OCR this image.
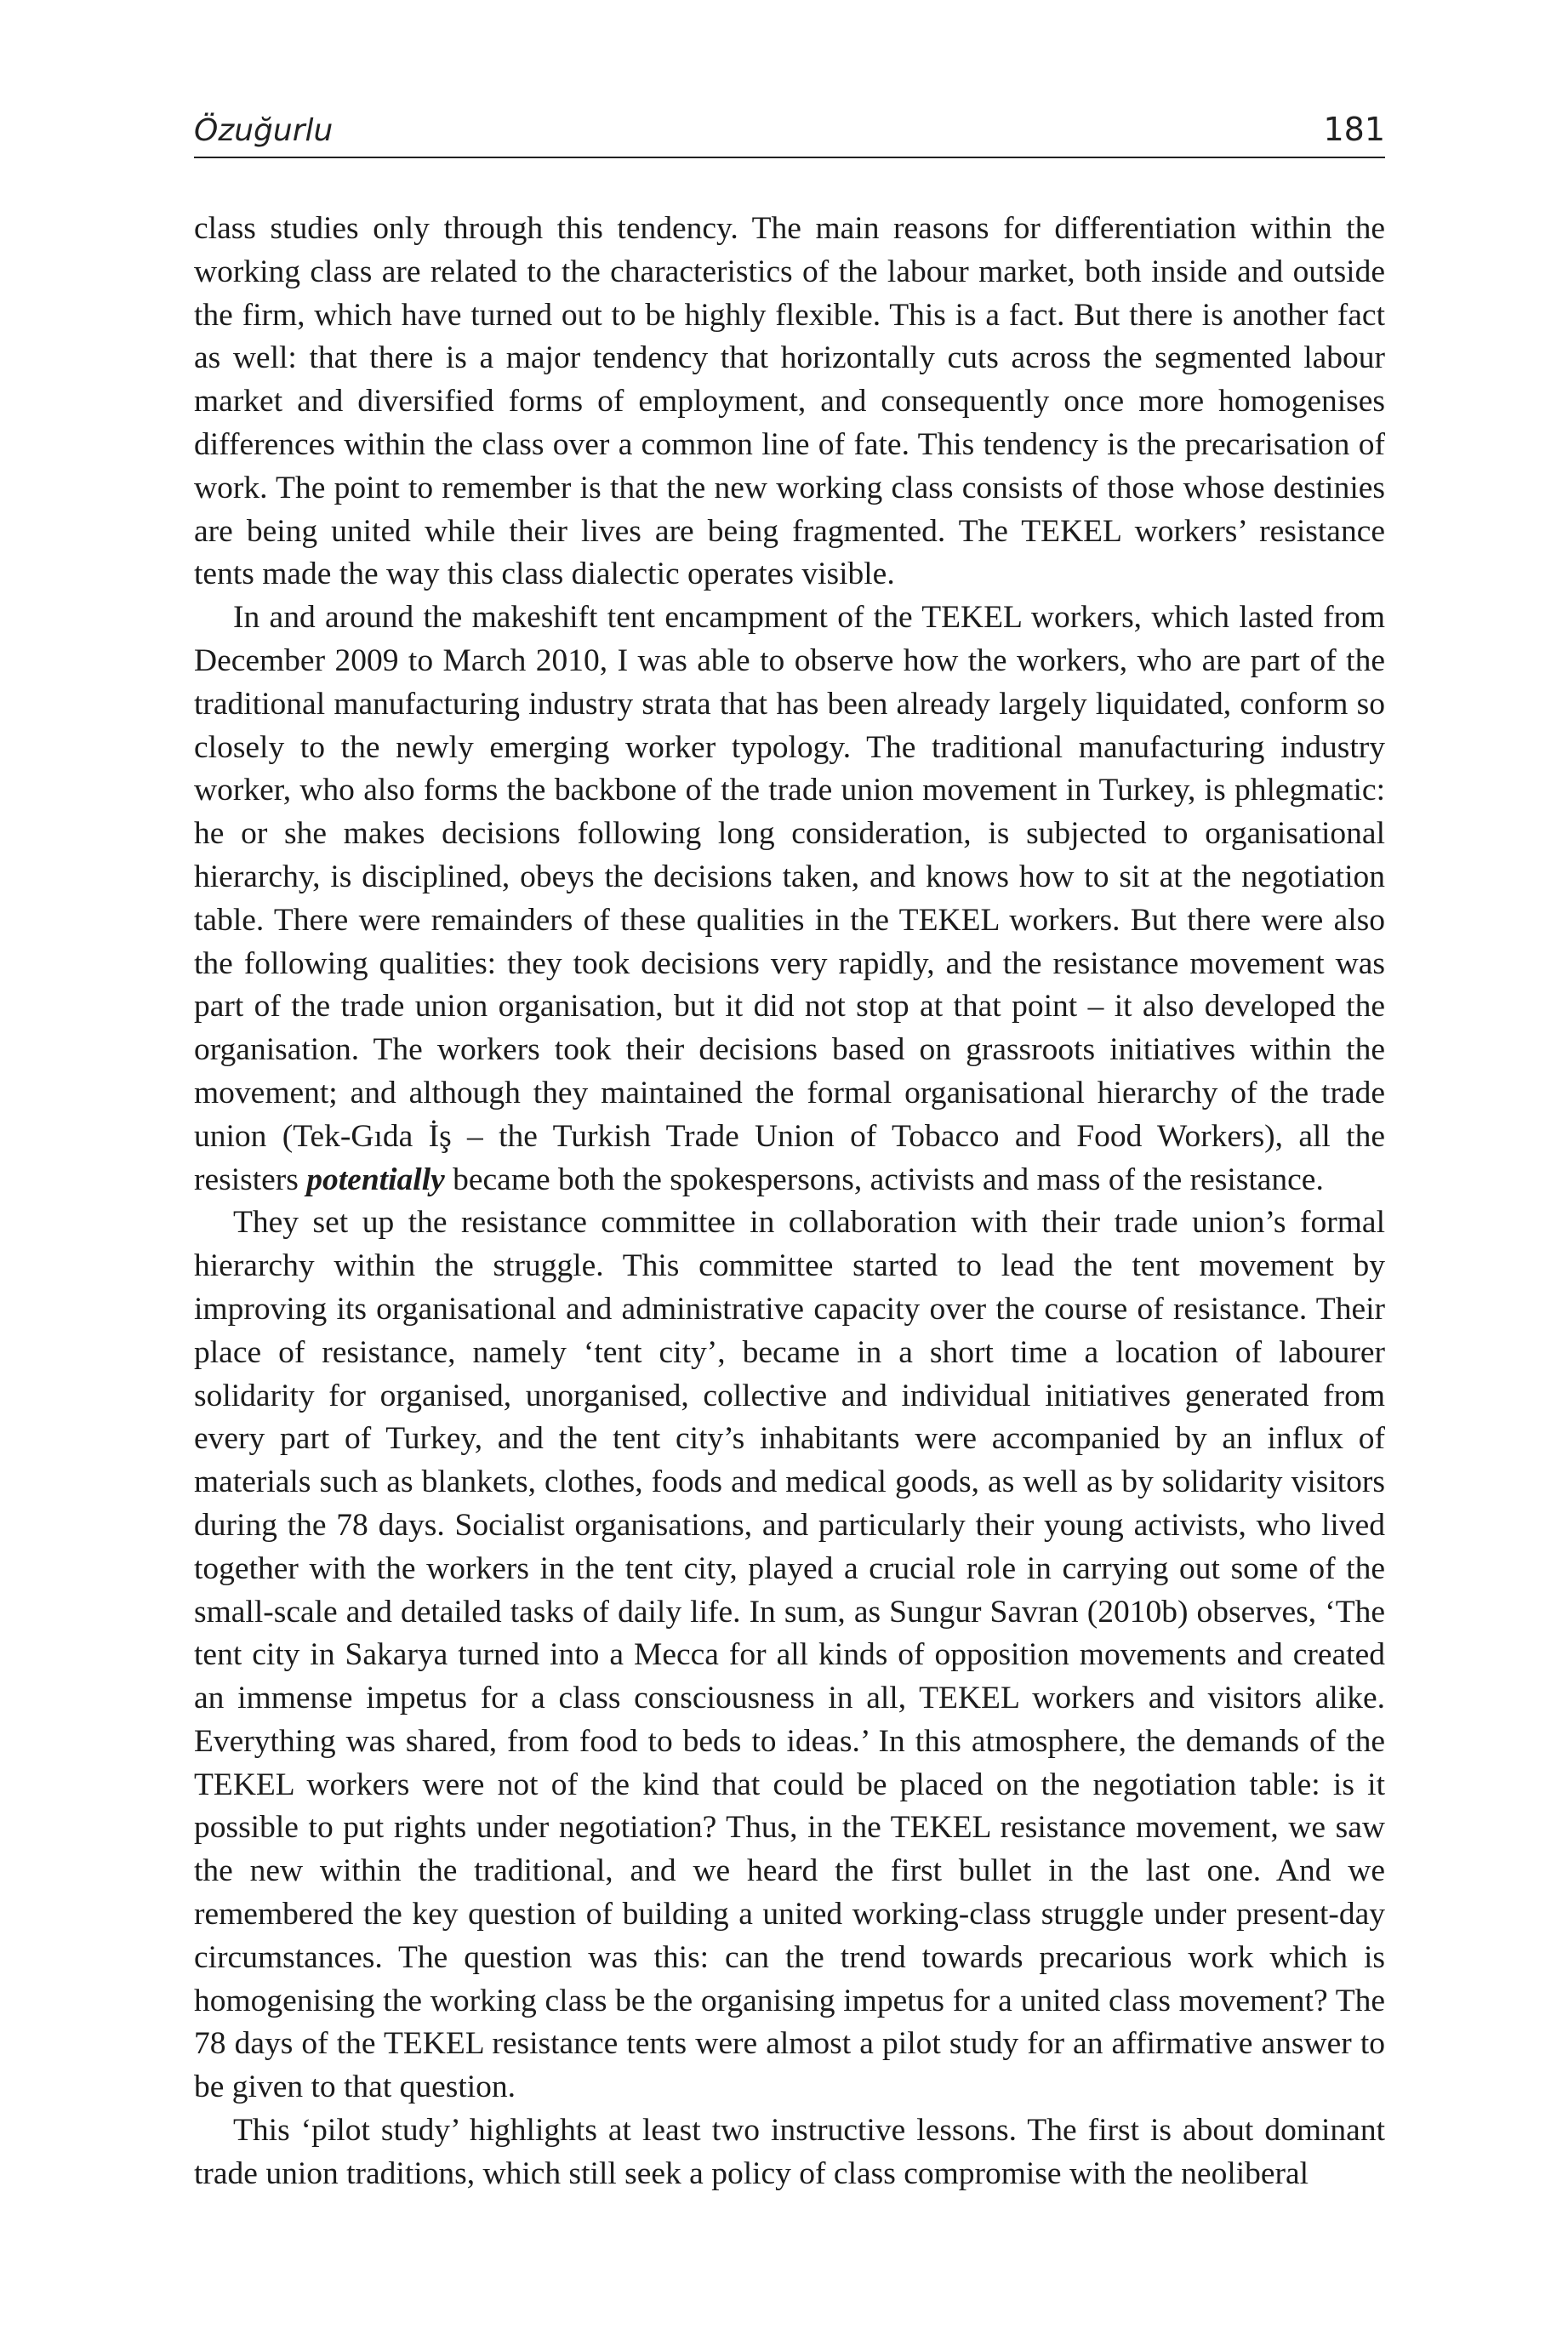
Özuğurlu	181

class studies only through this tendency. The main reasons for differentiation within the working class are related to the characteristics of the labour market, both inside and outside the firm, which have turned out to be highly flexible. This is a fact. But there is another fact as well: that there is a major tendency that horizontally cuts across the segmented labour market and diversified forms of employment, and consequently once more homogenises differences within the class over a common line of fate. This tendency is the precarisation of work. The point to remember is that the new working class consists of those whose destinies are being united while their lives are being fragmented. The TEKEL workers’ resistance tents made the way this class dialectic operates visible.

In and around the makeshift tent encampment of the TEKEL workers, which lasted from December 2009 to March 2010, I was able to observe how the workers, who are part of the traditional manufacturing industry strata that has been already largely liquidated, conform so closely to the newly emerging worker typology. The traditional manufacturing industry worker, who also forms the backbone of the trade union movement in Turkey, is phlegmatic: he or she makes decisions following long consideration, is subjected to organisational hierarchy, is disciplined, obeys the decisions taken, and knows how to sit at the negotiation table. There were remainders of these qualities in the TEKEL workers. But there were also the following qualities: they took decisions very rapidly, and the resistance movement was part of the trade union organisation, but it did not stop at that point – it also developed the organisation. The workers took their decisions based on grassroots initiatives within the movement; and although they maintained the formal organisational hierarchy of the trade union (Tek-Gıda İş – the Turkish Trade Union of Tobacco and Food Workers), all the resisters potentially became both the spokespersons, activists and mass of the resistance.

They set up the resistance committee in collaboration with their trade union’s formal hierarchy within the struggle. This committee started to lead the tent movement by improving its organisational and administrative capacity over the course of resistance. Their place of resistance, namely ‘tent city’, became in a short time a location of labourer solidarity for organised, unorganised, collective and individual initiatives generated from every part of Turkey, and the tent city’s inhabitants were accompanied by an influx of materials such as blankets, clothes, foods and medical goods, as well as by solidarity visitors during the 78 days. Socialist organisations, and particularly their young activists, who lived together with the workers in the tent city, played a crucial role in carrying out some of the small-scale and detailed tasks of daily life. In sum, as Sungur Savran (2010b) observes, ‘The tent city in Sakarya turned into a Mecca for all kinds of opposition movements and created an immense impetus for a class consciousness in all, TEKEL workers and visitors alike. Everything was shared, from food to beds to ideas.’ In this atmosphere, the demands of the TEKEL workers were not of the kind that could be placed on the negotiation table: is it possible to put rights under negotiation? Thus, in the TEKEL resistance movement, we saw the new within the traditional, and we heard the first bullet in the last one. And we remembered the key question of building a united working-class struggle under present-day circumstances. The question was this: can the trend towards precarious work which is homogenising the working class be the organising impetus for a united class movement? The 78 days of the TEKEL resistance tents were almost a pilot study for an affirmative answer to be given to that question.

This ‘pilot study’ highlights at least two instructive lessons. The first is about dominant trade union traditions, which still seek a policy of class compromise with the neoliberal
